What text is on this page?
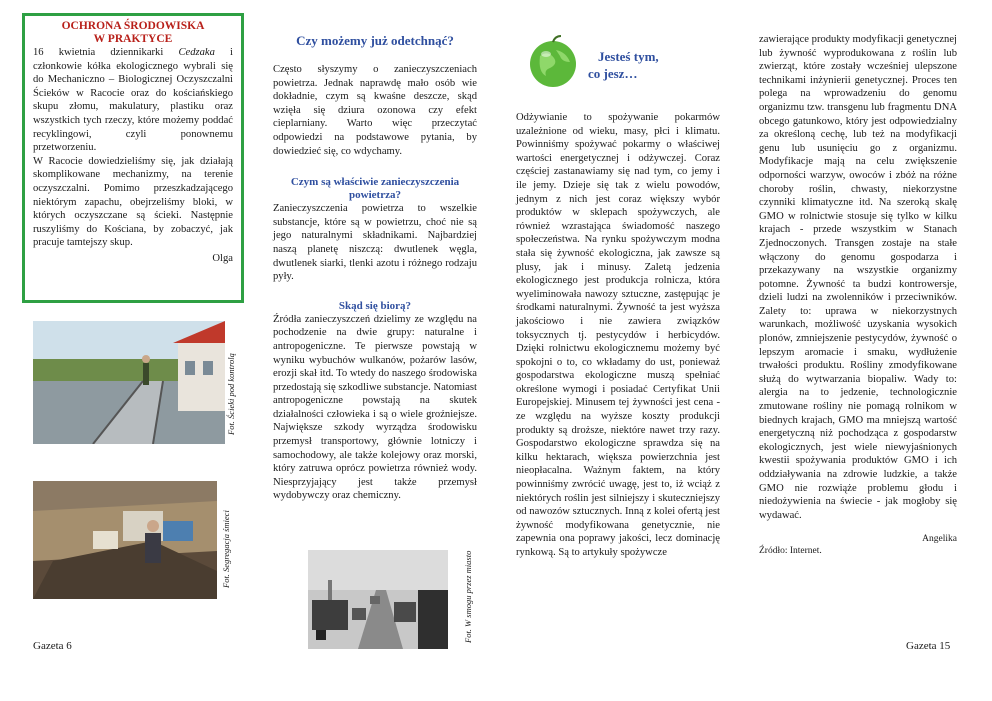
OCHRONA ŚRODOWISKA
W PRAKTYCE

16 kwietnia dziennikarki Cedzaka i członkowie kółka ekologicznego wybrali się do Mechaniczno – Biologicznej Oczyszczalni Ścieków w Racocie oraz do kościańskiego skupu złomu, makulatury, plastiku oraz wszystkich tych rzeczy, które możemy poddać recyklingowi, czyli ponownemu przetworzeniu.

W Racocie dowiedzieliśmy się, jak działają skomplikowane mechanizmy, na terenie oczyszczalni. Pomimo przeszkadzającego niektórym zapachu, obejrzeliśmy bloki, w których oczyszczane są ścieki. Następnie ruszyliśmy do Kościana, by zobaczyć, jak pracuje tamtejszy skup.

Olga
Fot. Ścieki pod kontrolą
Fot. Segregacja śmieci
Gazeta 6
Czy możemy już odetchnąć?

Często słyszymy o zanieczyszczeniach powietrza. Jednak naprawdę mało osób wie dokładnie, czym są kwaśne deszcze, skąd wzięła się dziura ozonowa czy efekt cieplarniany. Warto więc przeczytać odpowiedzi na podstawowe pytania, by dowiedzieć się, co wdychamy.

Czym są właściwie zanieczyszczenia powietrza?

Zanieczyszczenia powietrza to wszelkie substancje, które są w powietrzu, choć nie są jego naturalnymi składnikami. Najbardziej naszą planetę niszczą: dwutlenek węgla, dwutlenek siarki, tlenki azotu i różnego rodzaju pyły.

Skąd się biorą?

Źródła zanieczyszczeń dzielimy ze względu na pochodzenie na dwie grupy: naturalne i antropogeniczne. Te pierwsze powstają w wyniku wybuchów wulkanów, pożarów lasów, erozji skał itd. To wtedy do naszego środowiska przedostają się szkodliwe substancje. Natomiast antropogeniczne powstają na skutek działalności człowieka i są o wiele groźniejsze. Największe szkody wyrządza środowisku przemysł transportowy, głównie lotniczy i samochodowy, ale także kolejowy oraz morski, który zatruwa oprócz powietrza również wody. Niesprzyjający jest także przemysł wydobywczy oraz chemiczny.

Fot. W smogu przez miasto
Jesteś tym,
co jesz…

Odżywianie to spożywanie pokarmów uzależnione od wieku, masy, płci i klimatu. Powinniśmy spożywać pokarmy o właściwej wartości energetycznej i odżywczej. Coraz częściej zastanawiamy się nad tym, co jemy i ile jemy. Dzieje się tak z wielu powodów, jednym z nich jest coraz większy wybór produktów w sklepach spożywczych, ale również wzrastająca świadomość naszego społeczeństwa. Na rynku spożywczym modna stała się żywność ekologiczna, jak zawsze są plusy, jak i minusy. Zaletą jedzenia ekologicznego jest produkcja rolnicza, która wyeliminowała nawozy sztuczne, zastępując je środkami naturalnymi. Żywność ta jest wyższa jakościowo i nie zawiera związków toksycznych tj. pestycydów i herbicydów. Dzięki rolnictwu ekologicznemu możemy być spokojni o to, co wkładamy do ust, ponieważ gospodarstwa ekologiczne muszą spełniać określone wymogi i posiadać Certyfikat Unii Europejskiej. Minusem tej żywności jest cena - ze względu na wyższe koszty produkcji produkty są droższe, niektóre nawet trzy razy. Gospodarstwo ekologiczne sprawdza się na kilku hektarach, większa powierzchnia jest nieopłacalna. Ważnym faktem, na który powinniśmy zwrócić uwagę, jest to, iż wciąż z niektórych roślin jest silniejszy i skuteczniejszy od nawozów sztucznych. Inną z kolei ofertą jest żywność modyfikowana genetycznie, nie zapewnia ona poprawy jakości, lecz dominację rynkową. Są to artykuły spożywcze

zawierające produkty modyfikacji genetycznej lub żywność wyprodukowana z roślin lub zwierząt, które zostały wcześniej ulepszone technikami inżynierii genetycznej. Proces ten polega na wprowadzeniu do genomu organizmu tzw. transgenu lub fragmentu DNA obcego gatunkowo, który jest odpowiedzialny za określoną cechę, lub też na modyfikacji genu lub usunięciu go z organizmu. Modyfikacje mają na celu zwiększenie odporności warzyw, owoców i zbóż na różne choroby roślin, chwasty, niekorzystne czynniki klimatyczne itd. Na szeroką skalę GMO w rolnictwie stosuje się tylko w kilku krajach - przede wszystkim w Stanach Zjednoczonych. Transgen zostaje na stałe włączony do genomu gospodarza i przekazywany na wszystkie organizmy potomne. Żywność ta budzi kontrowersje, dzieli ludzi na zwolenników i przeciwników. Zalety to: uprawa w niekorzystnych warunkach, możliwość uzyskania wysokich plonów, zmniejszenie pestycydów, żywność o lepszym aromacie i smaku, wydłużenie trwałości produktu. Rośliny zmodyfikowane służą do wytwarzania biopaliw. Wady to: alergia na to jedzenie, technologicznie zmutowane rośliny nie pomagą rolnikom w biednych krajach, GMO ma mniejszą wartość energetyczną niż pochodząca z gospodarstw ekologicznych, jest wiele niewyjaśnionych kwestii spożywania produktów GMO i ich oddziaływania na zdrowie ludzkie, a także GMO nie rozwiąże problemu głodu i niedożywienia na świecie - jak mogłoby się wydawać.

Angelika
Źródło: Internet.
Gazeta 15
